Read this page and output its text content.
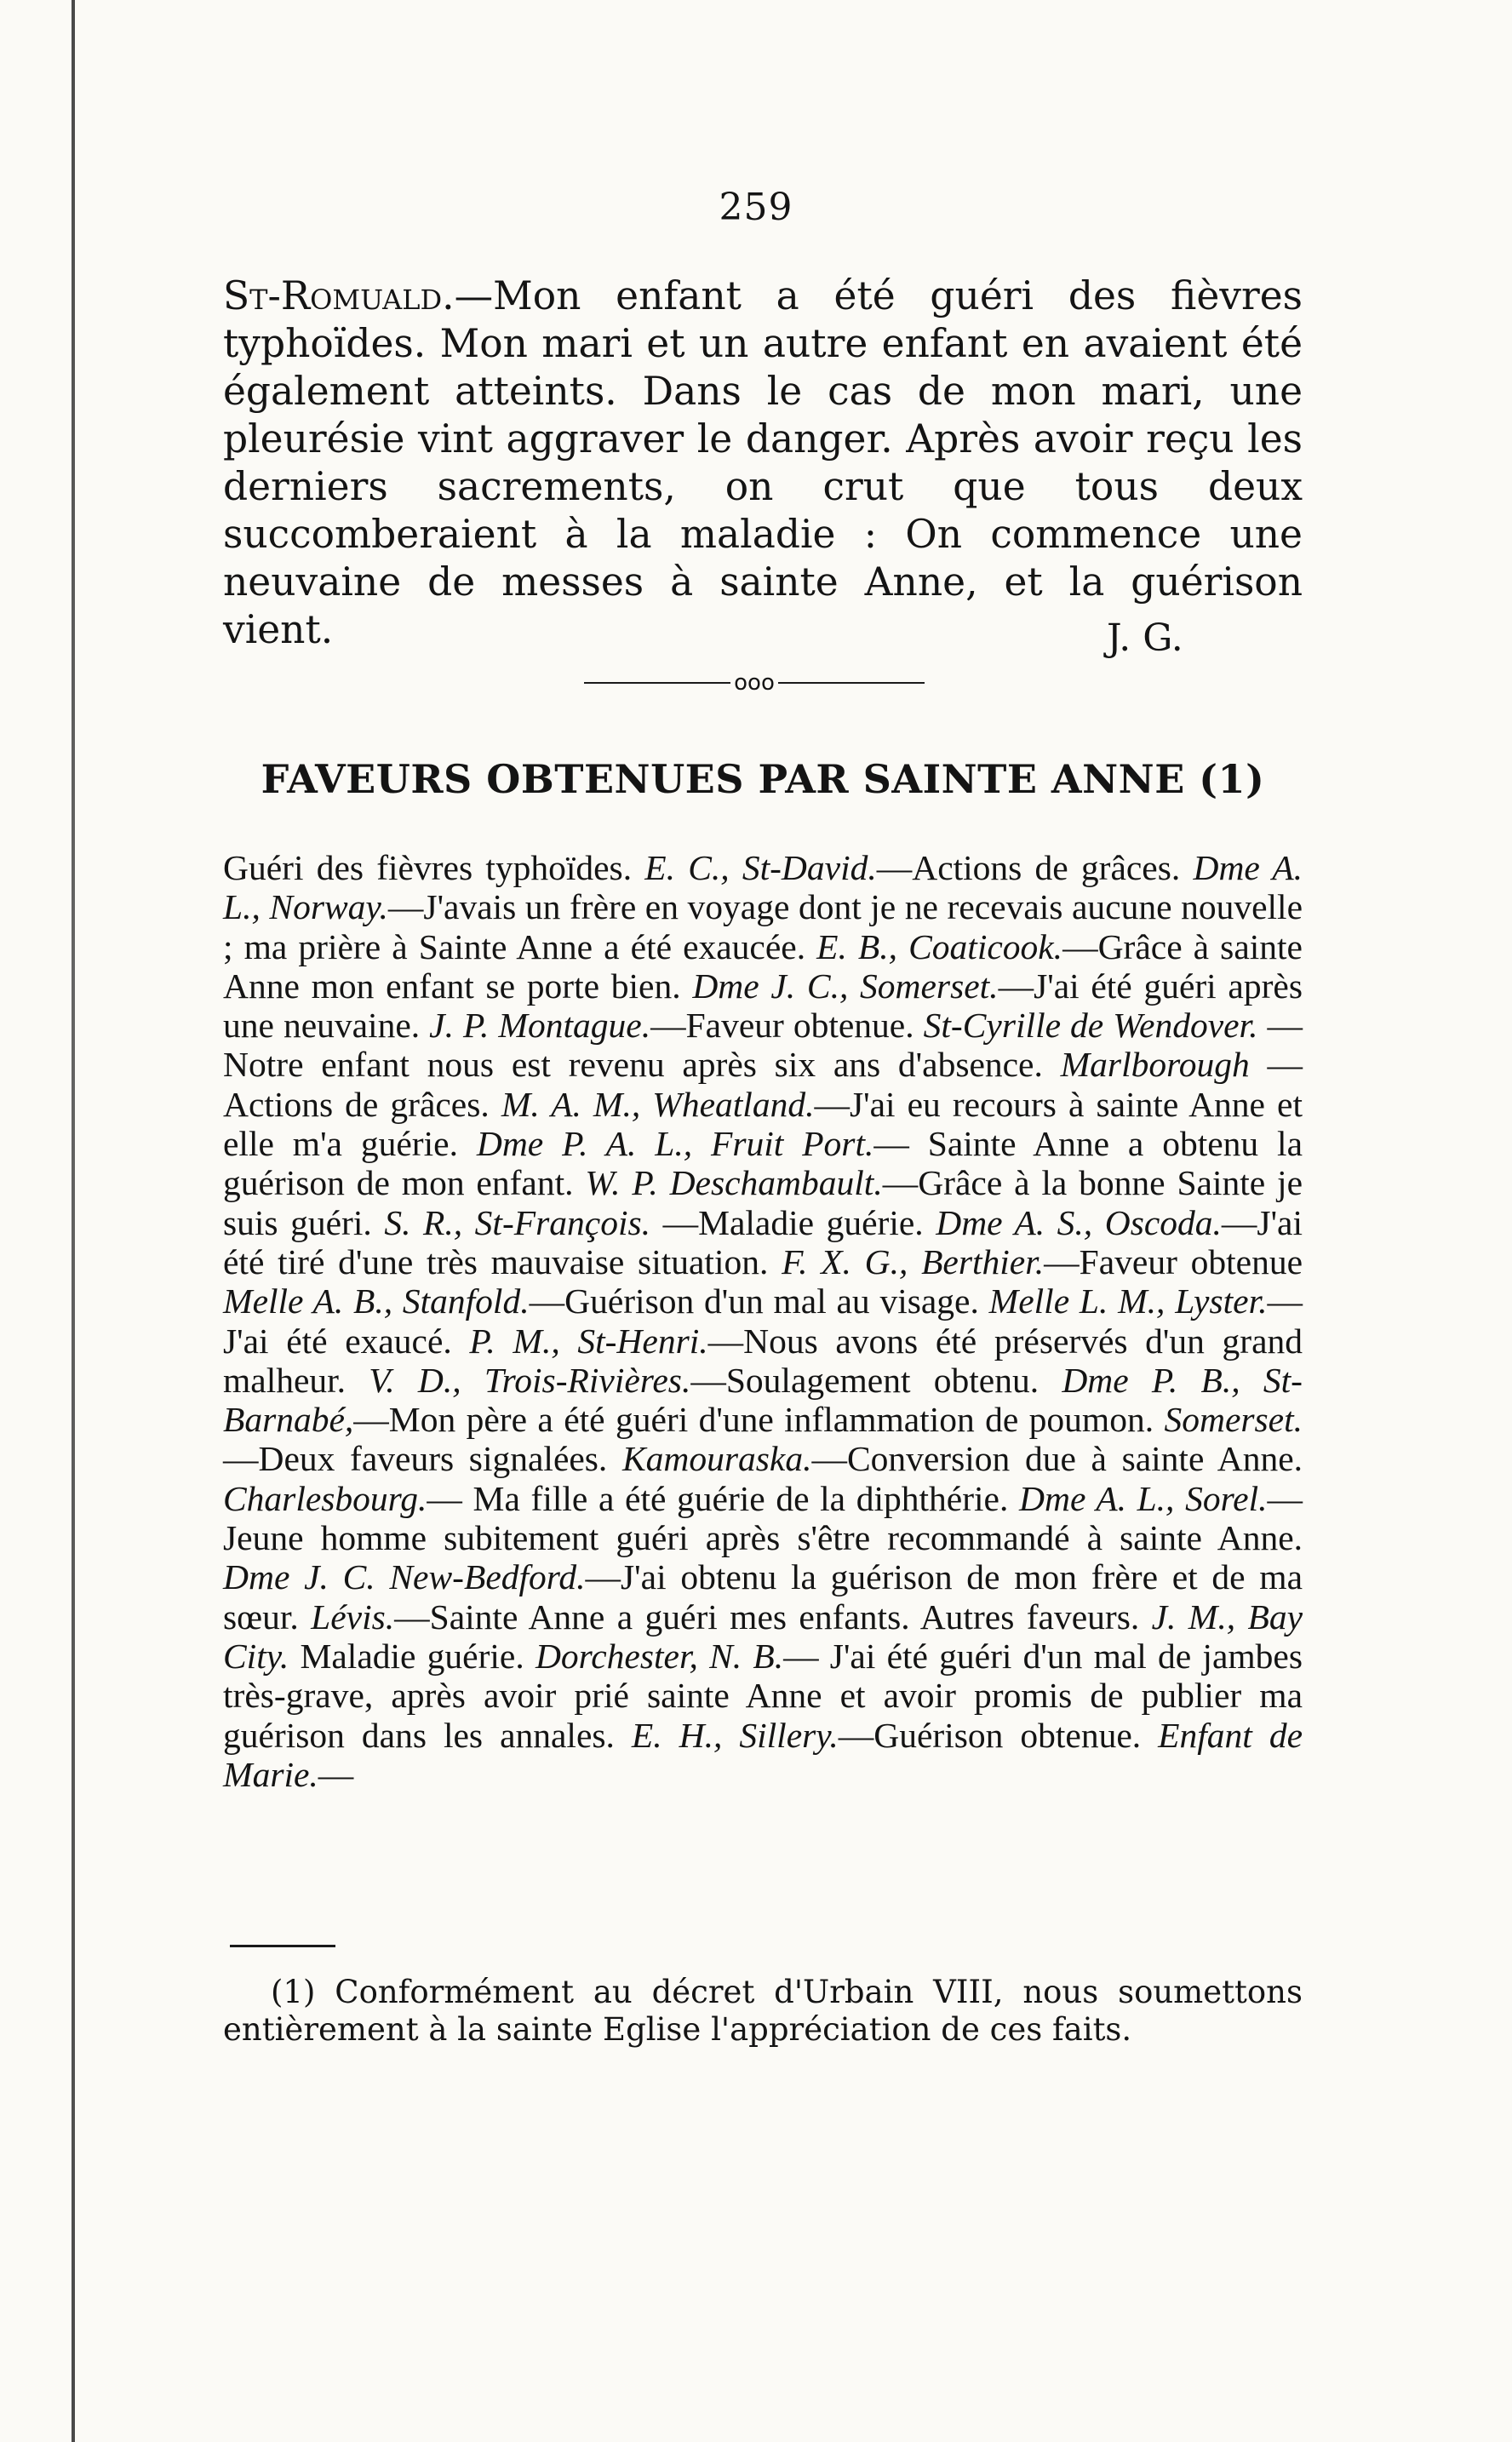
259

St-Romuald.—Mon enfant a été guéri des fièvres typhoïdes. Mon mari et un autre enfant en avaient été également atteints. Dans le cas de mon mari, une pleurésie vint aggraver le danger. Après avoir reçu les derniers sacrements, on crut que tous deux succomberaient à la maladie : On commence une neuvaine de messes à sainte Anne, et la guérison vient.	J. G.
ooo
FAVEURS OBTENUES PAR SAINTE ANNE (1)

Guéri des fièvres typhoïdes. E. C., St-David.—Actions de grâces. Dme A. L., Norway.—J'avais un frère en voyage dont je ne recevais aucune nouvelle ; ma prière à Sainte Anne a été exaucée. E. B., Coaticook.—Grâce à sainte Anne mon enfant se porte bien. Dme J. C., Somerset.—J'ai été guéri après une neuvaine. J. P. Montague.—Faveur obtenue. St-Cyrille de Wendover. —Notre enfant nous est revenu après six ans d'absence. Marlborough —Actions de grâces. M. A. M., Wheatland.—J'ai eu recours à sainte Anne et elle m'a guérie. Dme P. A. L., Fruit Port.— Sainte Anne a obtenu la guérison de mon enfant. W. P. Deschambault.—Grâce à la bonne Sainte je suis guéri. S. R., St-François. —Maladie guérie. Dme A. S., Oscoda.—J'ai été tiré d'une très mauvaise situation. F. X. G., Berthier.—Faveur obtenue Melle A. B., Stanfold.—Guérison d'un mal au visage. Melle L. M., Lyster.—J'ai été exaucé. P. M., St-Henri.—Nous avons été préservés d'un grand malheur. V. D., Trois-Rivières.—Soulagement obtenu. Dme P. B., St-Barnabé,—Mon père a été guéri d'une inflammation de poumon. Somerset.—Deux faveurs signalées. Kamouraska.—Conversion due à sainte Anne. Charlesbourg.— Ma fille a été guérie de la diphthérie. Dme A. L., Sorel.—Jeune homme subitement guéri après s'être recommandé à sainte Anne. Dme J. C. New-Bedford.—J'ai obtenu la guérison de mon frère et de ma sœur. Lévis.—Sainte Anne a guéri mes enfants. Autres faveurs. J. M., Bay City. Maladie guérie. Dorchester, N. B.— J'ai été guéri d'un mal de jambes très-grave, après avoir prié sainte Anne et avoir promis de publier ma guérison dans les annales. E. H., Sillery.—Guérison obtenue. Enfant de Marie.—

(1) Conformément au décret d'Urbain VIII, nous soumettons entièrement à la sainte Eglise l'appréciation de ces faits.
